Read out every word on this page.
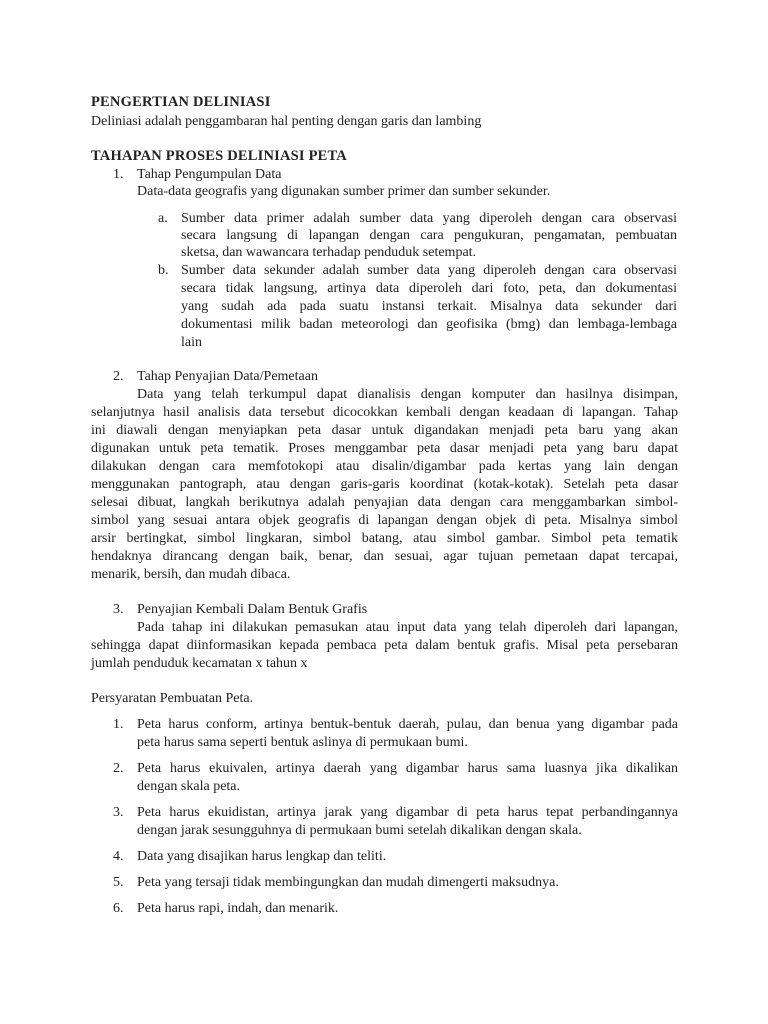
PENGERTIAN DELINIASI
Deliniasi adalah penggambaran hal penting dengan garis dan lambing
TAHAPAN PROSES DELINIASI PETA
1. Tahap Pengumpulan Data
Data-data geografis yang digunakan sumber primer dan sumber sekunder.
a. Sumber data primer adalah sumber data yang diperoleh dengan cara observasi
secara langsung di lapangan dengan cara pengukuran, pengamatan, pembuatan
sketsa, dan wawancara terhadap penduduk setempat.
b. Sumber data sekunder adalah sumber data yang diperoleh dengan cara observasi
secara tidak langsung, artinya data diperoleh dari foto, peta, dan dokumentasi
yang sudah ada pada suatu instansi terkait. Misalnya data sekunder dari
dokumentasi milik badan meteorologi dan geofisika (bmg) dan lembaga-lembaga
lain
2. Tahap Penyajian Data/Pemetaan
Data yang telah terkumpul dapat dianalisis dengan komputer dan hasilnya disimpan,
selanjutnya hasil analisis data tersebut dicocokkan kembali dengan keadaan di lapangan. Tahap
ini diawali dengan menyiapkan peta dasar untuk digandakan menjadi peta baru yang akan
digunakan untuk peta tematik. Proses menggambar peta dasar menjadi peta yang baru dapat
dilakukan dengan cara memfotokopi atau disalin/digambar pada kertas yang lain dengan
menggunakan pantograph, atau dengan garis-garis koordinat (kotak-kotak). Setelah peta dasar
selesai dibuat, langkah berikutnya adalah penyajian data dengan cara menggambarkan simbol-
simbol yang sesuai antara objek geografis di lapangan dengan objek di peta. Misalnya simbol
arsir bertingkat, simbol lingkaran, simbol batang, atau simbol gambar. Simbol peta tematik
hendaknya dirancang dengan baik, benar, dan sesuai, agar tujuan pemetaan dapat tercapai,
menarik, bersih, dan mudah dibaca.
3. Penyajian Kembali Dalam Bentuk Grafis
Pada tahap ini dilakukan pemasukan atau input data yang telah diperoleh dari lapangan,
sehingga dapat diinformasikan kepada pembaca peta dalam bentuk grafis. Misal peta persebaran
jumlah penduduk kecamatan x tahun x
Persyaratan Pembuatan Peta.
1. Peta harus conform, artinya bentuk-bentuk daerah, pulau, dan benua yang digambar pada
peta harus sama seperti bentuk aslinya di permukaan bumi.
2. Peta harus ekuivalen, artinya daerah yang digambar harus sama luasnya jika dikalikan
dengan skala peta.
3. Peta harus ekuidistan, artinya jarak yang digambar di peta harus tepat perbandingannya
dengan jarak sesungguhnya di permukaan bumi setelah dikalikan dengan skala.
4. Data yang disajikan harus lengkap dan teliti.
5. Peta yang tersaji tidak membingungkan dan mudah dimengerti maksudnya.
6. Peta harus rapi, indah, dan menarik.
